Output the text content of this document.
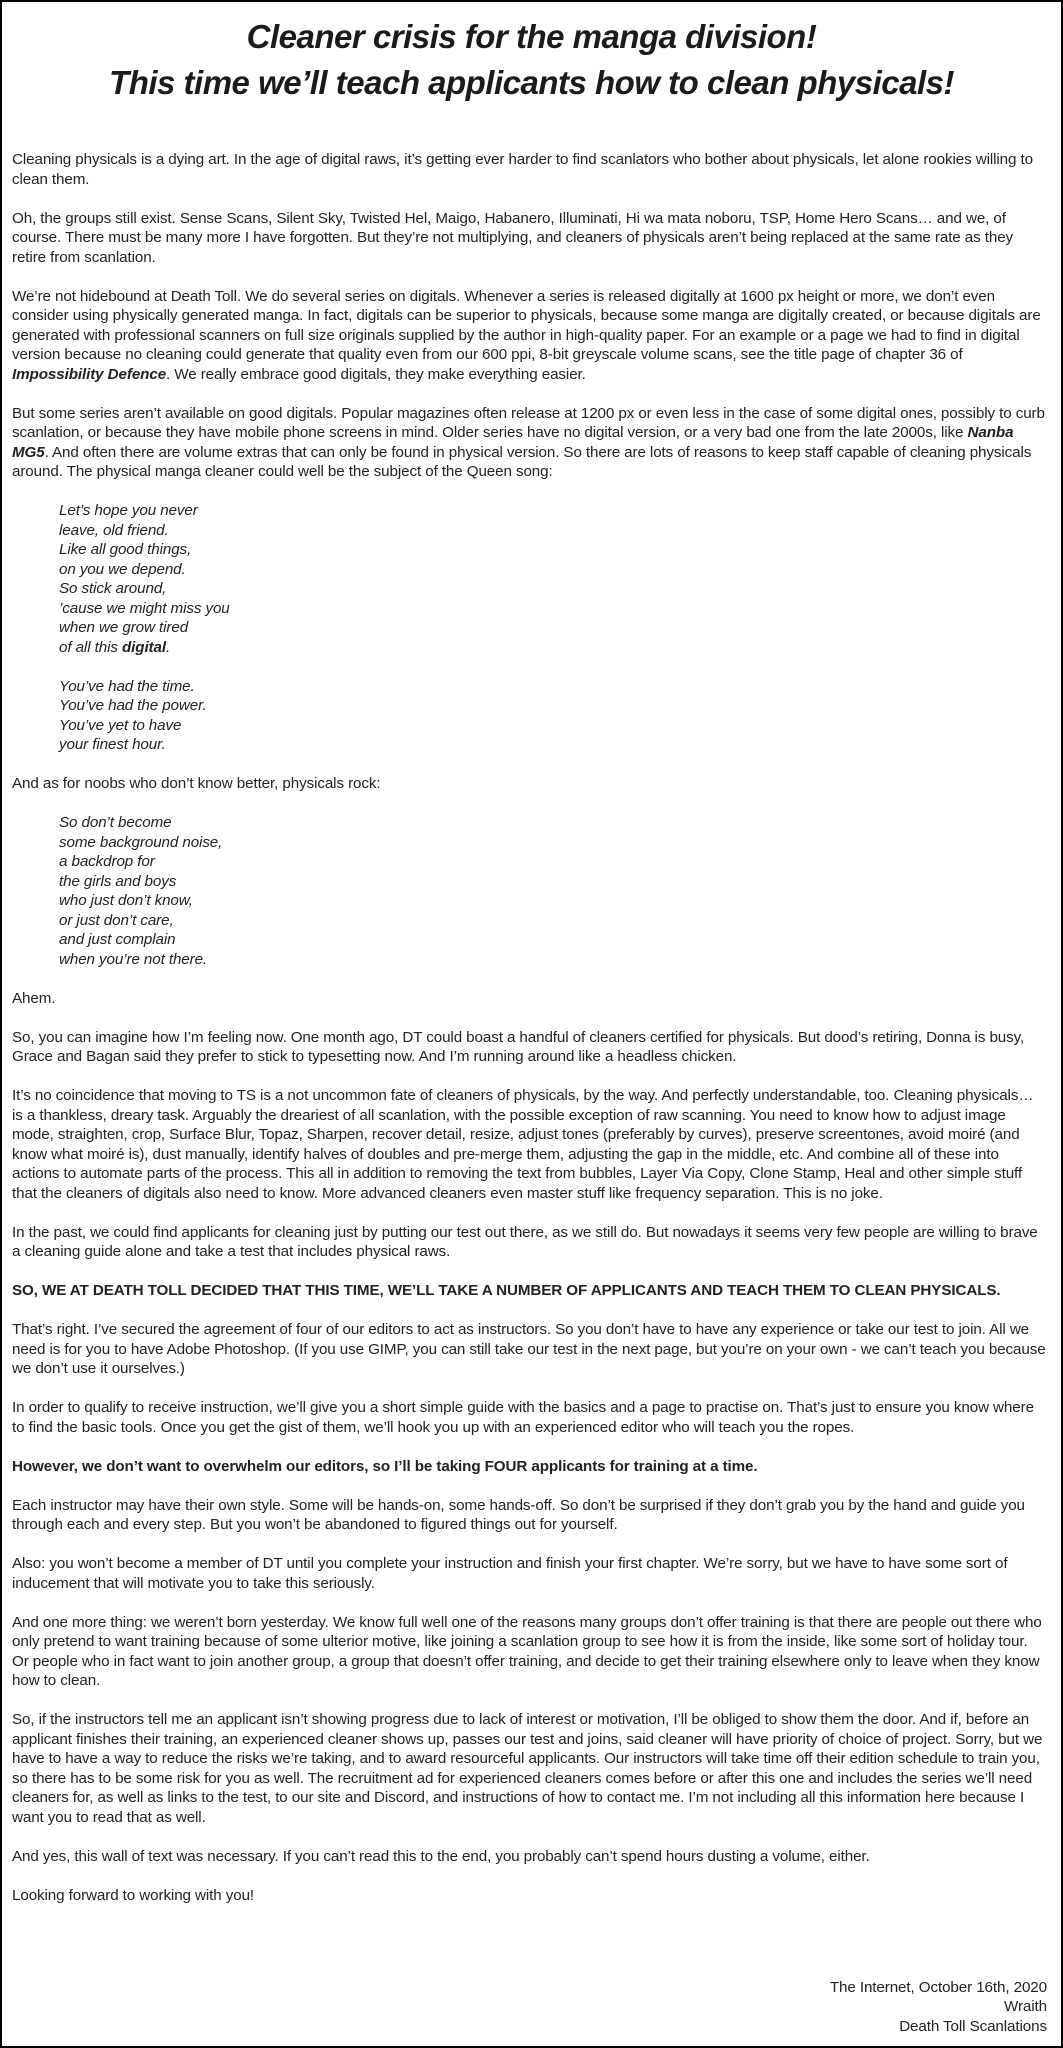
Cleaner crisis for the manga division!
This time we’ll teach applicants how to clean physicals!

Cleaning physicals is a dying art. In the age of digital raws, it’s getting ever harder to find scanlators who bother about physicals, let alone rookies willing to clean them.

Oh, the groups still exist. Sense Scans, Silent Sky, Twisted Hel, Maigo, Habanero, Illuminati, Hi wa mata noboru, TSP, Home Hero Scans… and we, of course. There must be many more I have forgotten. But they’re not multiplying, and cleaners of physicals aren’t being replaced at the same rate as they retire from scanlation.

We’re not hidebound at Death Toll. We do several series on digitals. Whenever a series is released digitally at 1600 px height or more, we don’t even consider using physically generated manga. In fact, digitals can be superior to physicals, because some manga are digitally created, or because digitals are generated with professional scanners on full size originals supplied by the author in high-quality paper. For an example or a page we had to find in digital version because no cleaning could generate that quality even from our 600 ppi, 8-bit greyscale volume scans, see the title page of chapter 36 of Impossibility Defence. We really embrace good digitals, they make everything easier.

But some series aren’t available on good digitals. Popular magazines often release at 1200 px or even less in the case of some digital ones, possibly to curb scanlation, or because they have mobile phone screens in mind. Older series have no digital version, or a very bad one from the late 2000s, like Nanba MG5. And often there are volume extras that can only be found in physical version. So there are lots of reasons to keep staff capable of cleaning physicals around. The physical manga cleaner could well be the subject of the Queen song:

Let’s hope you never
leave, old friend.
Like all good things,
on you we depend.
So stick around,
’cause we might miss you
when we grow tired
of all this digital.
You’ve had the time.
You’ve had the power.
You’ve yet to have
your finest hour.

And as for noobs who don’t know better, physicals rock:

So don’t become
some background noise,
a backdrop for
the girls and boys
who just don’t know,
or just don’t care,
and just complain
when you’re not there.

Ahem.

So, you can imagine how I’m feeling now. One month ago, DT could boast a handful of cleaners certified for physicals. But dood’s retiring, Donna is busy, Grace and Bagan said they prefer to stick to typesetting now. And I’m running around like a headless chicken.

It’s no coincidence that moving to TS is a not uncommon fate of cleaners of physicals, by the way. And perfectly understandable, too. Cleaning physicals… is a thankless, dreary task. Arguably the dreariest of all scanlation, with the possible exception of raw scanning. You need to know how to adjust image mode, straighten, crop, Surface Blur, Topaz, Sharpen, recover detail, resize, adjust tones (preferably by curves), preserve screentones, avoid moiré (and know what moiré is), dust manually, identify halves of doubles and pre-merge them, adjusting the gap in the middle, etc. And combine all of these into actions to automate parts of the process. This all in addition to removing the text from bubbles, Layer Via Copy, Clone Stamp, Heal and other simple stuff that the cleaners of digitals also need to know. More advanced cleaners even master stuff like frequency separation. This is no joke.

In the past, we could find applicants for cleaning just by putting our test out there, as we still do. But nowadays it seems very few people are willing to brave a cleaning guide alone and take a test that includes physical raws.

SO, WE AT DEATH TOLL DECIDED THAT THIS TIME, WE’LL TAKE A NUMBER OF APPLICANTS AND TEACH THEM TO CLEAN PHYSICALS.

That’s right. I’ve secured the agreement of four of our editors to act as instructors. So you don’t have to have any experience or take our test to join. All we need is for you to have Adobe Photoshop. (If you use GIMP, you can still take our test in the next page, but you’re on your own - we can’t teach you because we don’t use it ourselves.)

In order to qualify to receive instruction, we’ll give you a short simple guide with the basics and a page to practise on. That’s just to ensure you know where to find the basic tools. Once you get the gist of them, we’ll hook you up with an experienced editor who will teach you the ropes.

However, we don’t want to overwhelm our editors, so I’ll be taking FOUR applicants for training at a time.

Each instructor may have their own style. Some will be hands-on, some hands-off. So don’t be surprised if they don’t grab you by the hand and guide you through each and every step. But you won’t be abandoned to figured things out for yourself.

Also: you won’t become a member of DT until you complete your instruction and finish your first chapter. We’re sorry, but we have to have some sort of inducement that will motivate you to take this seriously.

And one more thing: we weren’t born yesterday. We know full well one of the reasons many groups don’t offer training is that there are people out there who only pretend to want training because of some ulterior motive, like joining a scanlation group to see how it is from the inside, like some sort of holiday tour. Or people who in fact want to join another group, a group that doesn’t offer training, and decide to get their training elsewhere only to leave when they know how to clean.

So, if the instructors tell me an applicant isn’t showing progress due to lack of interest or motivation, I’ll be obliged to show them the door. And if, before an applicant finishes their training, an experienced cleaner shows up, passes our test and joins, said cleaner will have priority of choice of project. Sorry, but we have to have a way to reduce the risks we’re taking, and to award resourceful applicants. Our instructors will take time off their edition schedule to train you, so there has to be some risk for you as well. The recruitment ad for experienced cleaners comes before or after this one and includes the series we’ll need cleaners for, as well as links to the test, to our site and Discord, and instructions of how to contact me. I’m not including all this information here because I want you to read that as well.

And yes, this wall of text was necessary. If you can’t read this to the end, you probably can’t spend hours dusting a volume, either.

Looking forward to working with you!

The Internet, October 16th, 2020
Wraith
Death Toll Scanlations
